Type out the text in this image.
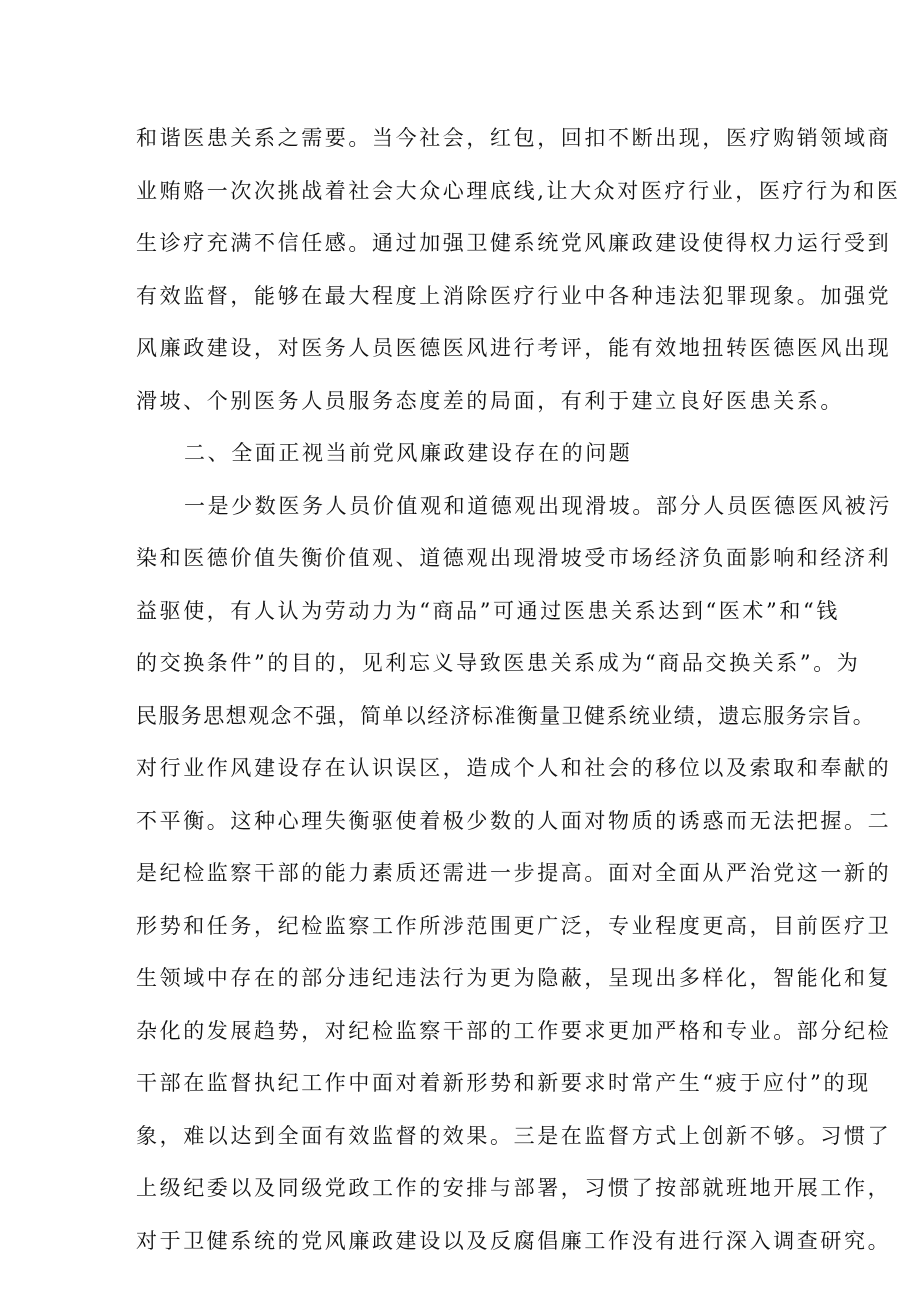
和谐医患关系之需要。当今社会，红包，回扣不断出现，医疗购销领域商
业贿赂一次次挑战着社会大众心理底线,让大众对医疗行业，医疗行为和医
生诊疗充满不信任感。通过加强卫健系统党风廉政建设使得权力运行受到
有效监督，能够在最大程度上消除医疗行业中各种违法犯罪现象。加强党
风廉政建设，对医务人员医德医风进行考评，能有效地扭转医德医风出现
滑坡、个别医务人员服务态度差的局面，有利于建立良好医患关系。
二、全面正视当前党风廉政建设存在的问题
一是少数医务人员价值观和道德观出现滑坡。部分人员医德医风被污
染和医德价值失衡价值观、道德观出现滑坡受市场经济负面影响和经济利
益驱使，有人认为劳动力为“商品”可通过医患关系达到“医术”和“钱
的交换条件”的目的，见利忘义导致医患关系成为“商品交换关系”。为
民服务思想观念不强，简单以经济标准衡量卫健系统业绩，遗忘服务宗旨。
对行业作风建设存在认识误区，造成个人和社会的移位以及索取和奉献的
不平衡。这种心理失衡驱使着极少数的人面对物质的诱惑而无法把握。二
是纪检监察干部的能力素质还需进一步提高。面对全面从严治党这一新的
形势和任务，纪检监察工作所涉范围更广泛，专业程度更高，目前医疗卫
生领域中存在的部分违纪违法行为更为隐蔽，呈现出多样化，智能化和复
杂化的发展趋势，对纪检监察干部的工作要求更加严格和专业。部分纪检
干部在监督执纪工作中面对着新形势和新要求时常产生“疲于应付”的现
象，难以达到全面有效监督的效果。三是在监督方式上创新不够。习惯了
上级纪委以及同级党政工作的安排与部署，习惯了按部就班地开展工作，
对于卫健系统的党风廉政建设以及反腐倡廉工作没有进行深入调查研究。
